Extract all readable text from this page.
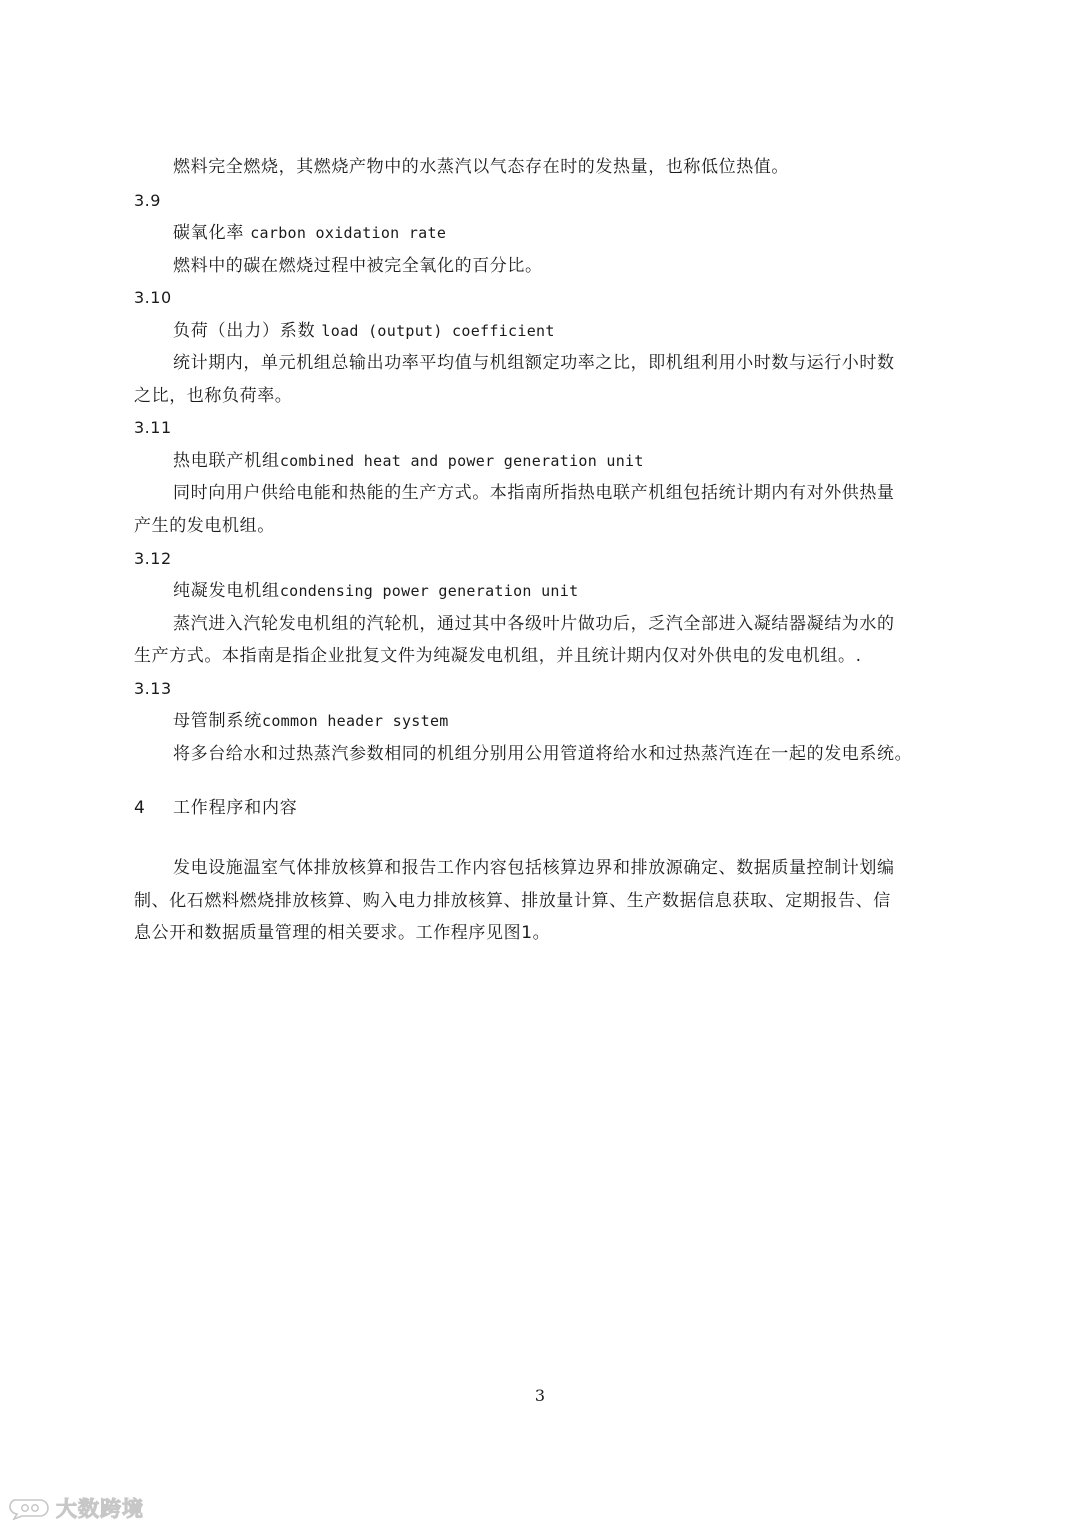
燃料完全燃烧，其燃烧产物中的水蒸汽以气态存在时的发热量，也称低位热值。
3.9
碳氧化率 carbon oxidation rate
燃料中的碳在燃烧过程中被完全氧化的百分比。
3.10
负荷（出力）系数 load (output) coefficient
统计期内，单元机组总输出功率平均值与机组额定功率之比，即机组利用小时数与运行小时数
之比，也称负荷率。
3.11
热电联产机组combined heat and power generation unit
同时向用户供给电能和热能的生产方式。本指南所指热电联产机组包括统计期内有对外供热量
产生的发电机组。
3.12
纯凝发电机组condensing power generation unit
蒸汽进入汽轮发电机组的汽轮机，通过其中各级叶片做功后，乏汽全部进入凝结器凝结为水的
生产方式。本指南是指企业批复文件为纯凝发电机组，并且统计期内仅对外供电的发电机组。.
3.13
母管制系统common header system
将多台给水和过热蒸汽参数相同的机组分别用公用管道将给水和过热蒸汽连在一起的发电系统。
4 工作程序和内容
发电设施温室气体排放核算和报告工作内容包括核算边界和排放源确定、数据质量控制计划编
制、化石燃料燃烧排放核算、购入电力排放核算、排放量计算、生产数据信息获取、定期报告、信
息公开和数据质量管理的相关要求。工作程序见图1。
3
大数跨境
